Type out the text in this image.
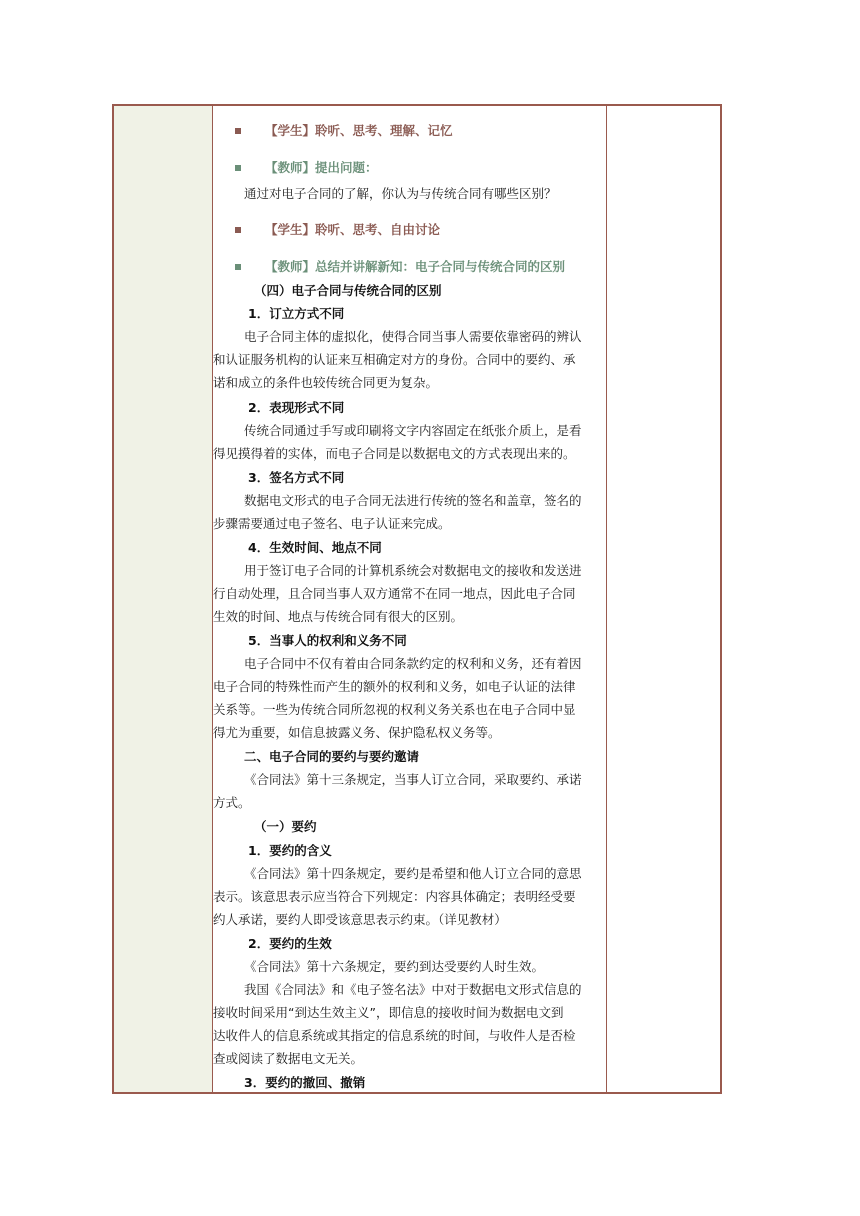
【学生】聆听、思考、理解、记忆
【教师】提出问题：
通过对电子合同的了解，你认为与传统合同有哪些区别？
【学生】聆听、思考、自由讨论
【教师】总结并讲解新知：电子合同与传统合同的区别
（四）电子合同与传统合同的区别
1．订立方式不同
电子合同主体的虚拟化，使得合同当事人需要依靠密码的辨认
和认证服务机构的认证来互相确定对方的身份。合同中的要约、承
诺和成立的条件也较传统合同更为复杂。
2．表现形式不同
传统合同通过手写或印刷将文字内容固定在纸张介质上，是看
得见摸得着的实体，而电子合同是以数据电文的方式表现出来的。
3．签名方式不同
数据电文形式的电子合同无法进行传统的签名和盖章，签名的
步骤需要通过电子签名、电子认证来完成。
4．生效时间、地点不同
用于签订电子合同的计算机系统会对数据电文的接收和发送进
行自动处理，且合同当事人双方通常不在同一地点，因此电子合同
生效的时间、地点与传统合同有很大的区别。
5．当事人的权利和义务不同
电子合同中不仅有着由合同条款约定的权利和义务，还有着因
电子合同的特殊性而产生的额外的权利和义务，如电子认证的法律
关系等。一些为传统合同所忽视的权利义务关系也在电子合同中显
得尤为重要，如信息披露义务、保护隐私权义务等。
二、电子合同的要约与要约邀请
《合同法》第十三条规定，当事人订立合同，采取要约、承诺
方式。
（一）要约
1．要约的含义
《合同法》第十四条规定，要约是希望和他人订立合同的意思
表示。该意思表示应当符合下列规定：内容具体确定；表明经受要
约人承诺，要约人即受该意思表示约束。（详见教材）
2．要约的生效
《合同法》第十六条规定，要约到达受要约人时生效。
我国《合同法》和《电子签名法》中对于数据电文形式信息的
接收时间采用“到达生效主义”，即信息的接收时间为数据电文到
达收件人的信息系统或其指定的信息系统的时间，与收件人是否检
查或阅读了数据电文无关。
3．要约的撤回、撤销
